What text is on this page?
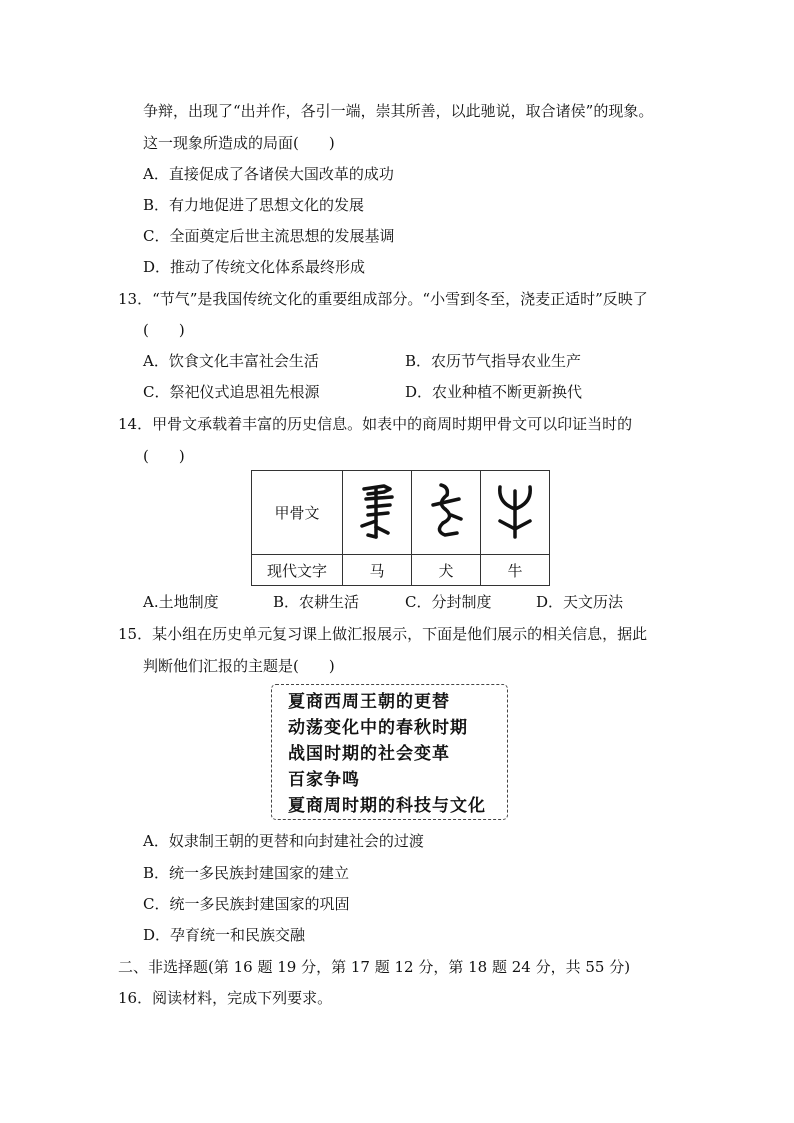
争辩，出现了“出并作，各引一端，崇其所善，以此驰说，取合诸侯”的现象。
这一现象所造成的局面(　　)
A．直接促成了各诸侯大国改革的成功
B．有力地促进了思想文化的发展
C．全面奠定后世主流思想的发展基调
D．推动了传统文化体系最终形成
13．“节气”是我国传统文化的重要组成部分。“小雪到冬至，浇麦正适时”反映了
(　　)
A．饮食文化丰富社会生活	B．农历节气指导农业生产
C．祭祀仪式追思祖先根源	D．农业种植不断更新换代
14．甲骨文承载着丰富的历史信息。如表中的商周时期甲骨文可以印证当时的
(　　)
甲骨文			
现代文字	马	犬	牛
A.土地制度	B．农耕生活	C．分封制度	D．天文历法
15．某小组在历史单元复习课上做汇报展示，下面是他们展示的相关信息，据此
判断他们汇报的主题是(　　)
夏商西周王朝的更替
动荡变化中的春秋时期
战国时期的社会变革
百家争鸣
夏商周时期的科技与文化
A．奴隶制王朝的更替和向封建社会的过渡
B．统一多民族封建国家的建立
C．统一多民族封建国家的巩固
D．孕育统一和民族交融
二、非选择题(第 16 题 19 分，第 17 题 12 分，第 18 题 24 分，共 55 分)
16．阅读材料，完成下列要求。
